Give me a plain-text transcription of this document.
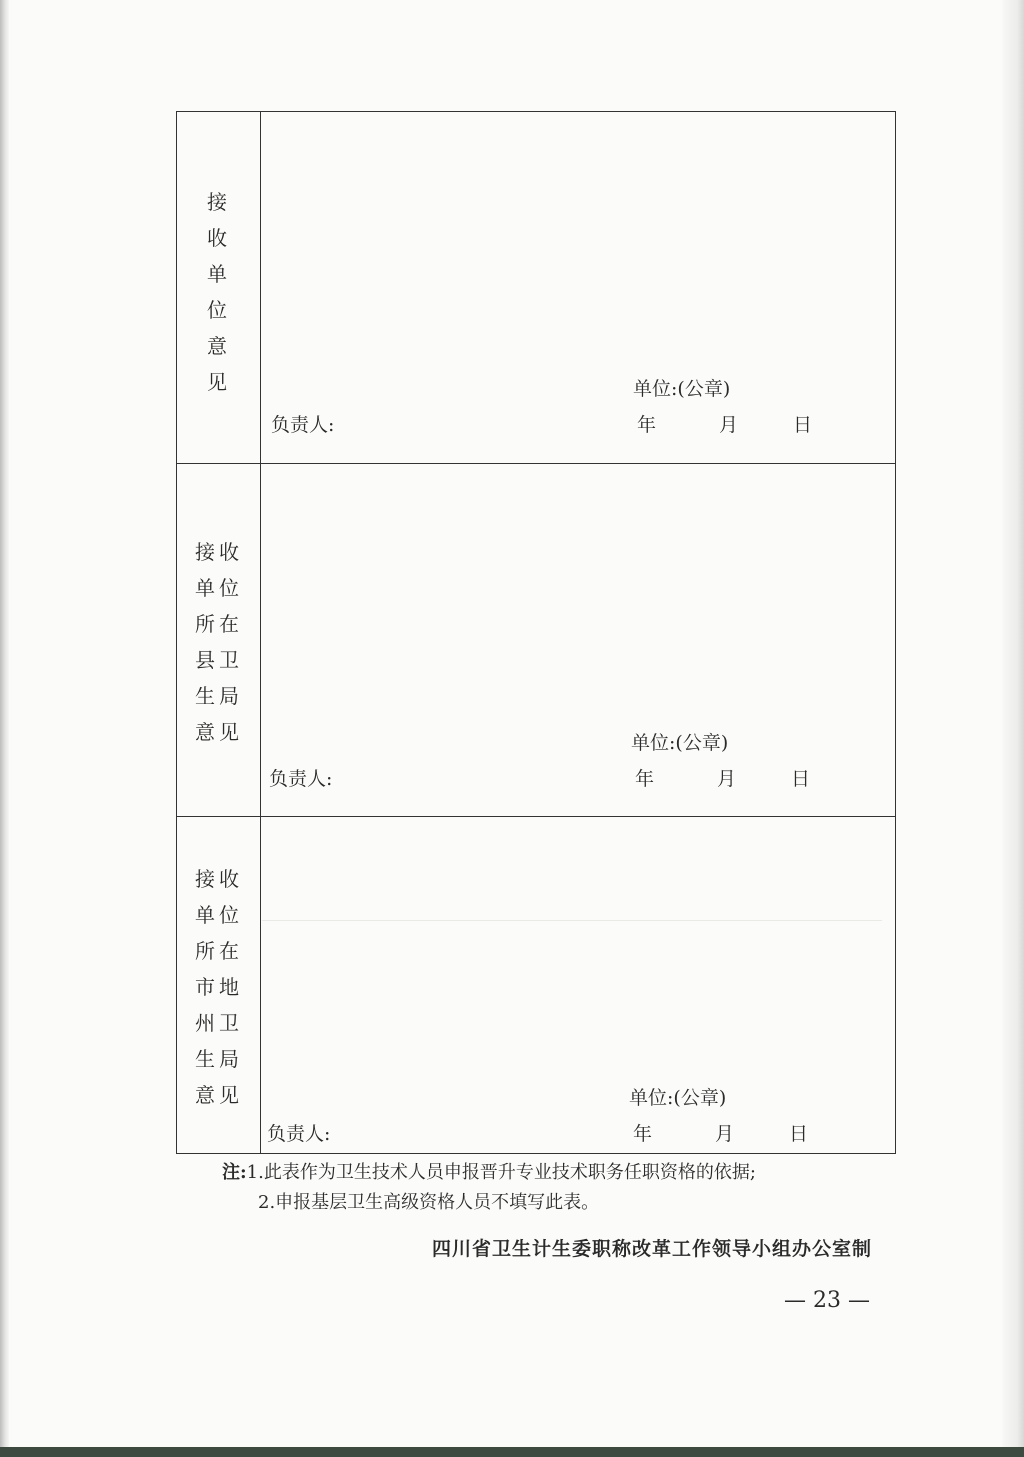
接
收
单
位
意
见	单位:(公章)
负责人:	年	月	日
接收
单位
所在
县卫
生局
意见	单位:(公章)
负责人:	年	月	日
接收
单位
所在
市地
州卫
生局
意见	单位:(公章)
负责人:	年	月	日
注:1.此表作为卫生技术人员申报晋升专业技术职务任职资格的依据;
2.申报基层卫生高级资格人员不填写此表。
四川省卫生计生委职称改革工作领导小组办公室制
— 23 —
